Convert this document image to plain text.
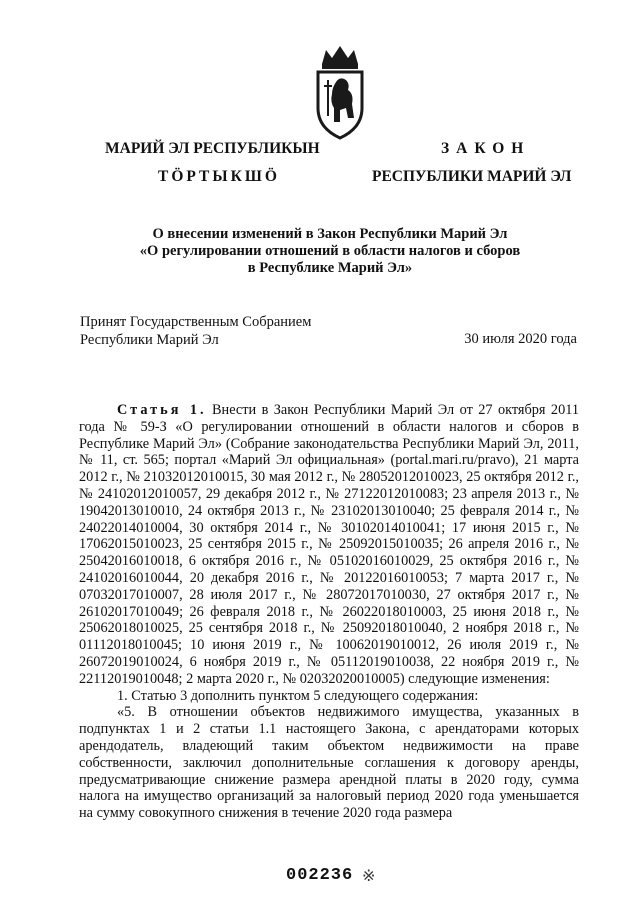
МАРИЙ ЭЛ РЕСПУБЛИКЫН
ТӦРТЫКШӦ
ЗАКОН
РЕСПУБЛИКИ МАРИЙ ЭЛ
О внесении изменений в Закон Республики Марий Эл
«О регулировании отношений в области налогов и сборов
в Республике Марий Эл»
Принят Государственным Собранием
Республики Марий Эл	30 июля 2020 года

Статья 1. Внести в Закон Республики Марий Эл от 27 октября 2011 года № 59-З «О регулировании отношений в области налогов и сборов в Республике Марий Эл» (Собрание законодательства Республики Марий Эл, 2011, № 11, ст. 565; портал «Марий Эл официальная» (portal.mari.ru/pravo), 21 марта 2012 г., № 21032012010015, 30 мая 2012 г., № 28052012010023, 25 октября 2012 г., № 24102012010057, 29 декабря 2012 г., № 27122012010083; 23 апреля 2013 г., № 19042013010010, 24 октября 2013 г., № 23102013010040; 25 февраля 2014 г., № 24022014010004, 30 октября 2014 г., № 30102014010041; 17 июня 2015 г., № 17062015010023, 25 сентября 2015 г., № 25092015010035; 26 апреля 2016 г., № 25042016010018, 6 октября 2016 г., № 05102016010029, 25 октября 2016 г., № 24102016010044, 20 декабря 2016 г., № 20122016010053; 7 марта 2017 г., № 07032017010007, 28 июля 2017 г., № 28072017010030, 27 октября 2017 г., № 26102017010049; 26 февраля 2018 г., № 26022018010003, 25 июня 2018 г., № 25062018010025, 25 сентября 2018 г., № 25092018010040, 2 ноября 2018 г., № 01112018010045; 10 июня 2019 г., № 10062019010012, 26 июля 2019 г., № 26072019010024, 6 ноября 2019 г., № 05112019010038, 22 ноября 2019 г., № 22112019010048; 2 марта 2020 г., № 02032020010005) следующие изменения:

1. Статью 3 дополнить пунктом 5 следующего содержания:

«5. В отношении объектов недвижимого имущества, указанных в подпунктах 1 и 2 статьи 1.1 настоящего Закона, с арендаторами которых арендодатель, владеющий таким объектом недвижимости на праве собственности, заключил дополнительные соглашения к договору аренды, предусматривающие снижение размера арендной платы в 2020 году, сумма налога на имущество организаций за налоговый период 2020 года уменьшается на сумму совокупного снижения в течение 2020 года размера

002236 ※
